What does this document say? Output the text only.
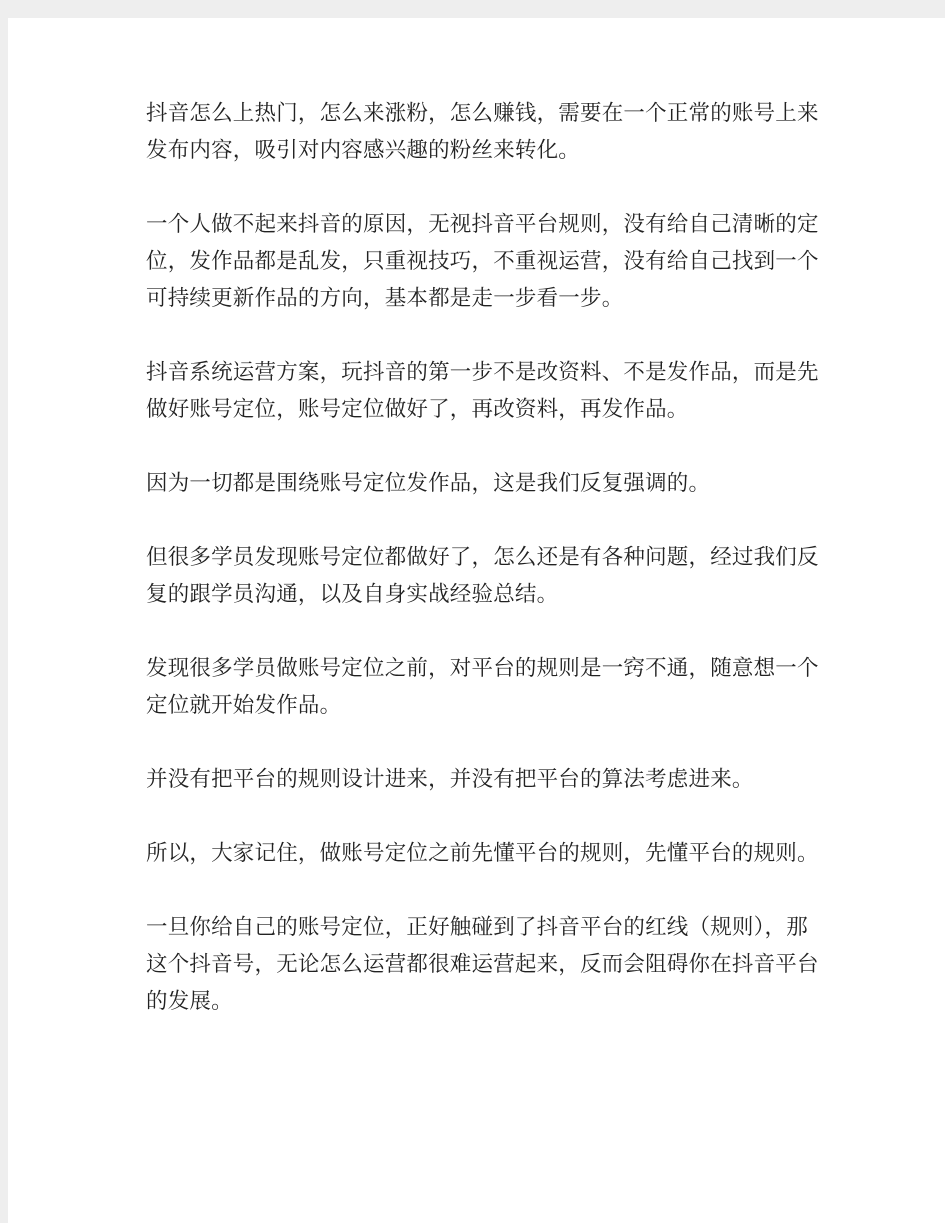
抖音怎么上热门，怎么来涨粉，怎么赚钱，需要在一个正常的账号上来发布内容，吸引对内容感兴趣的粉丝来转化。

一个人做不起来抖音的原因，无视抖音平台规则，没有给自己清晰的定位，发作品都是乱发，只重视技巧，不重视运营，没有给自己找到一个可持续更新作品的方向，基本都是走一步看一步。

抖音系统运营方案，玩抖音的第一步不是改资料、不是发作品，而是先做好账号定位，账号定位做好了，再改资料，再发作品。

因为一切都是围绕账号定位发作品，这是我们反复强调的。

但很多学员发现账号定位都做好了，怎么还是有各种问题，经过我们反复的跟学员沟通，以及自身实战经验总结。

发现很多学员做账号定位之前，对平台的规则是一窍不通，随意想一个定位就开始发作品。

并没有把平台的规则设计进来，并没有把平台的算法考虑进来。

所以，大家记住，做账号定位之前先懂平台的规则，先懂平台的规则。

一旦你给自己的账号定位，正好触碰到了抖音平台的红线（规则），那这个抖音号，无论怎么运营都很难运营起来，反而会阻碍你在抖音平台的发展。
